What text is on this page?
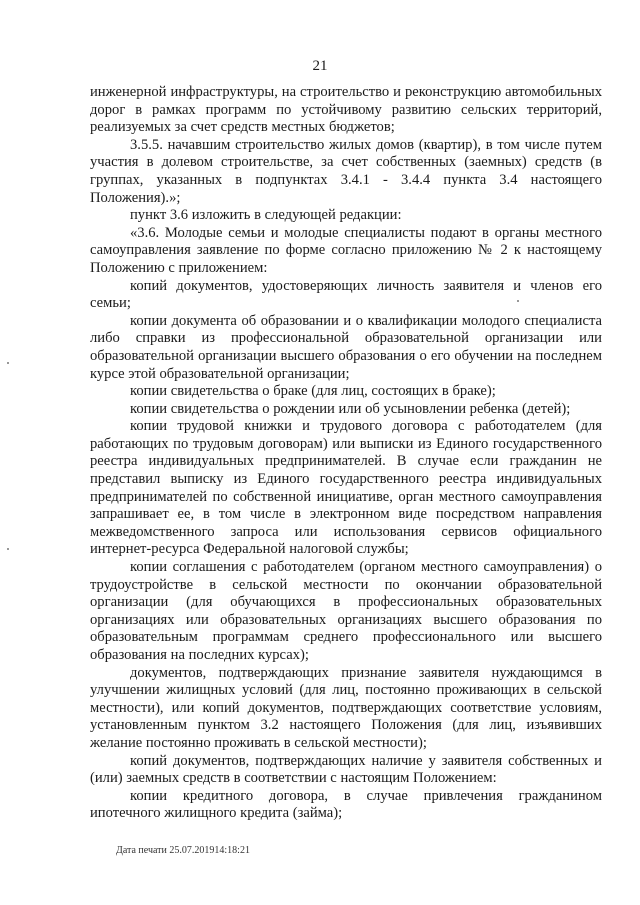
21

инженерной инфраструктуры, на строительство и реконструкцию автомобильных дорог в рамках программ по устойчивому развитию сельских территорий, реализуемых за счет средств местных бюджетов;

3.5.5. начавшим строительство жилых домов (квартир), в том числе путем участия в долевом строительстве, за счет собственных (заемных) средств (в группах, указанных в подпунктах 3.4.1 - 3.4.4 пункта 3.4 настоящего Положения).»;

пункт 3.6 изложить в следующей редакции:

«3.6. Молодые семьи и молодые специалисты подают в органы местного самоуправления заявление по форме согласно приложению № 2 к настоящему Положению с приложением:

копий документов, удостоверяющих личность заявителя и членов его семьи;

копии документа об образовании и о квалификации молодого специалиста либо справки из профессиональной образовательной организации или образовательной организации высшего образования о его обучении на последнем курсе этой образовательной организации;

копии свидетельства о браке (для лиц, состоящих в браке);

копии свидетельства о рождении или об усыновлении ребенка (детей);

копии трудовой книжки и трудового договора с работодателем (для работающих по трудовым договорам) или выписки из Единого государственного реестра индивидуальных предпринимателей. В случае если гражданин не представил выписку из Единого государственного реестра индивидуальных предпринимателей по собственной инициативе, орган местного самоуправления запрашивает ее, в том числе в электронном виде посредством направления межведомственного запроса или использования сервисов официального интернет-ресурса Федеральной налоговой службы;

копии соглашения с работодателем (органом местного самоуправления) о трудоустройстве в сельской местности по окончании образовательной организации (для обучающихся в профессиональных образовательных организациях или образовательных организациях высшего образования по образовательным программам среднего профессионального или высшего образования на последних курсах);

документов, подтверждающих признание заявителя нуждающимся в улучшении жилищных условий (для лиц, постоянно проживающих в сельской местности), или копий документов, подтверждающих соответствие условиям, установленным пунктом 3.2 настоящего Положения (для лиц, изъявивших желание постоянно проживать в сельской местности);

копий документов, подтверждающих наличие у заявителя собственных и (или) заемных средств в соответствии с настоящим Положением:

копии кредитного договора, в случае привлечения гражданином ипотечного жилищного кредита (займа);

Дата печати 25.07.201914:18:21
